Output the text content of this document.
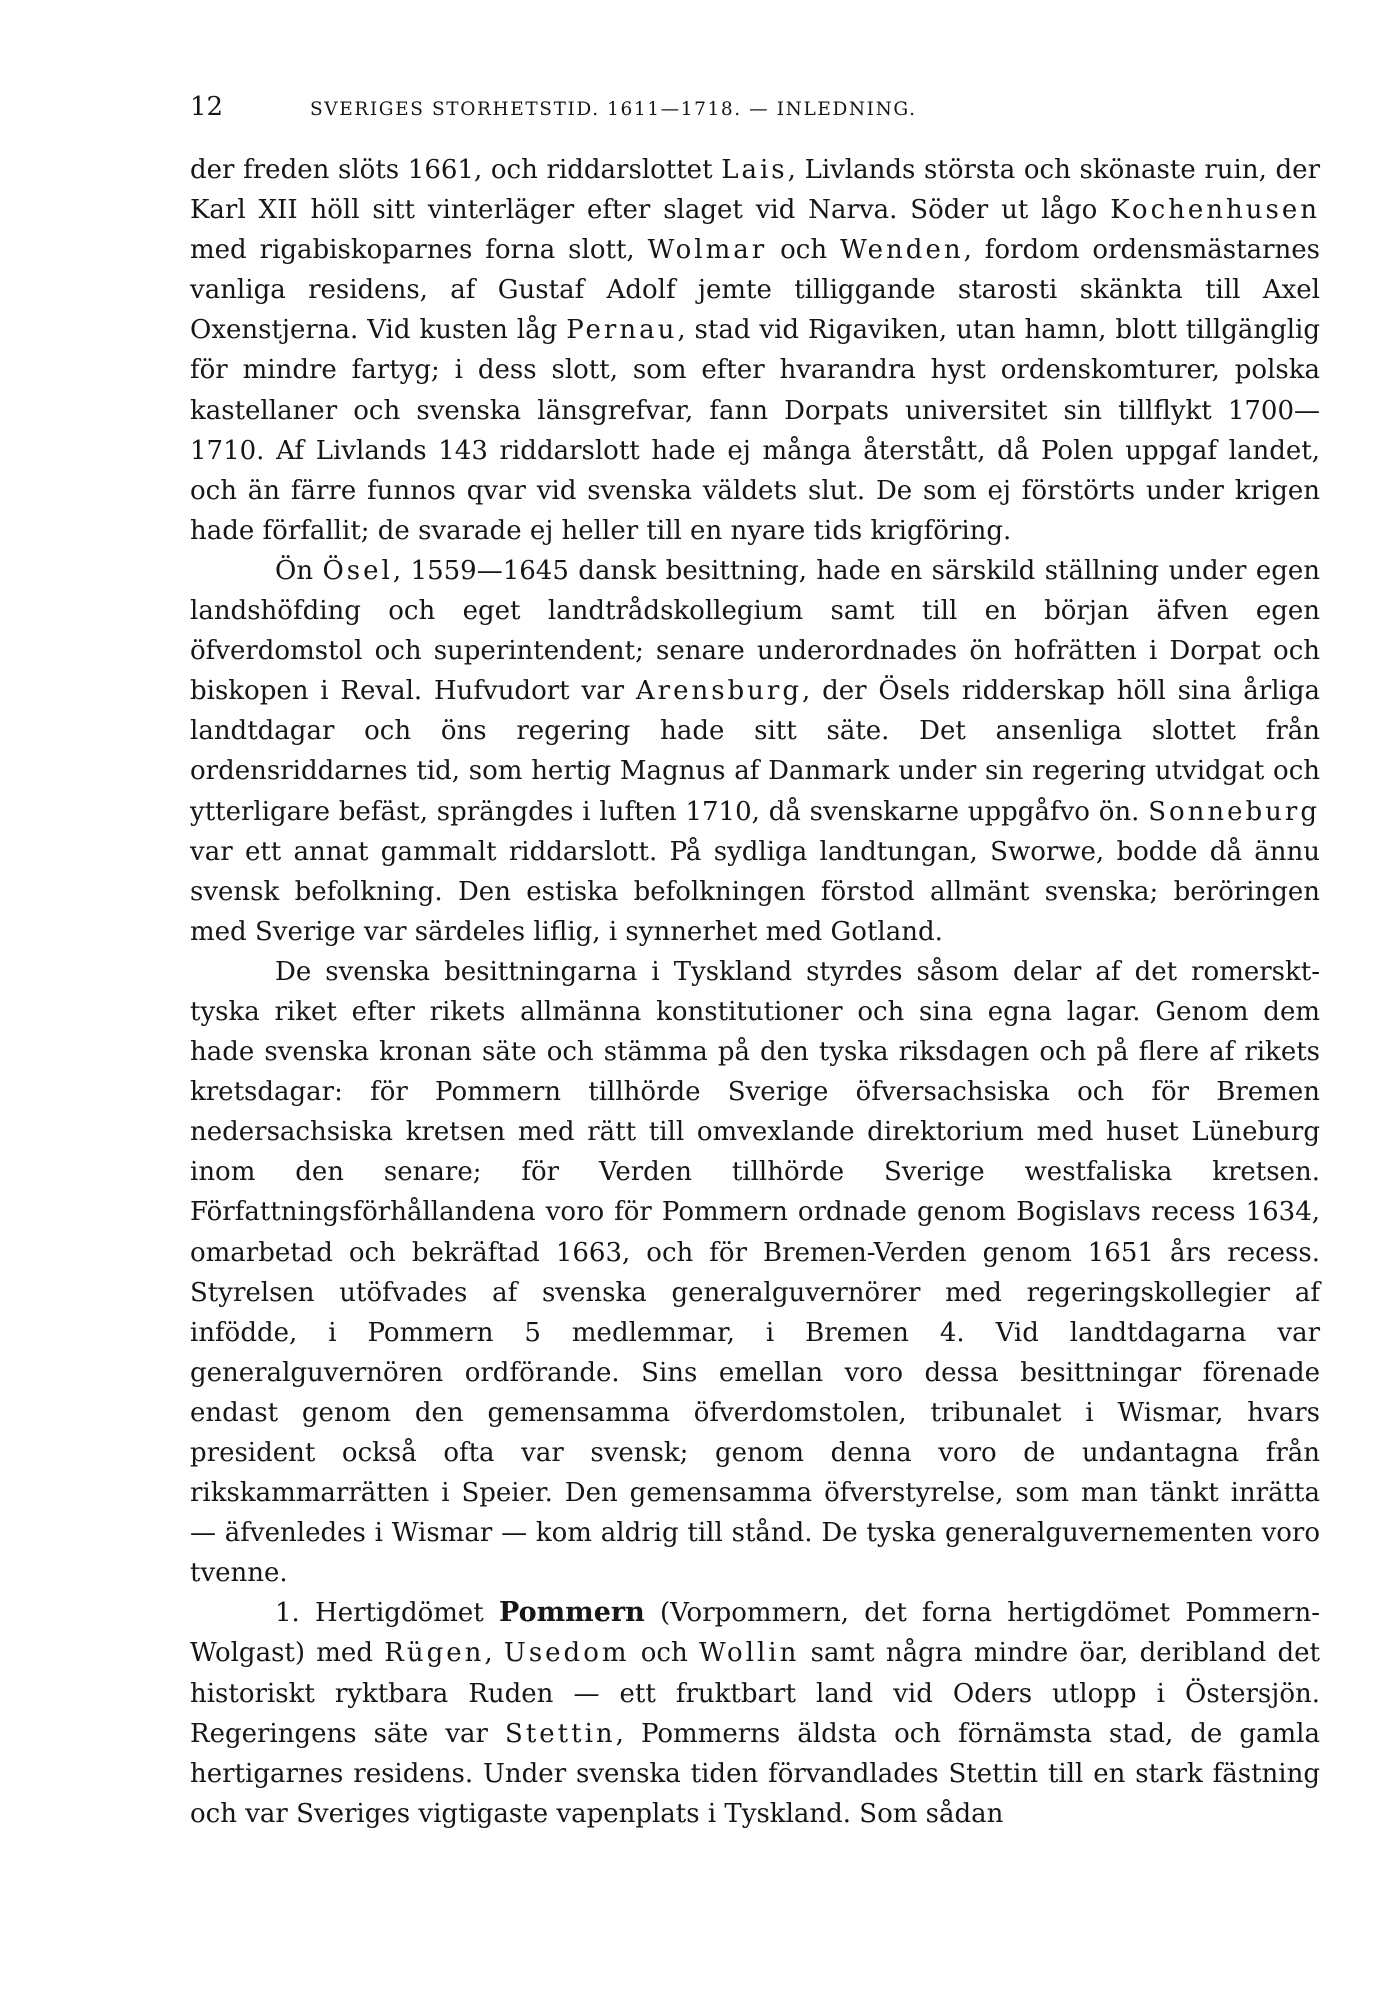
12	SVERIGES STORHETSTID. 1611—1718. — INLEDNING.

der freden slöts 1661, och riddarslottet Lais, Livlands största och skönaste ruin, der Karl XII höll sitt vinterläger efter slaget vid Narva. Söder ut lågo Kochenhusen med rigabiskoparnes forna slott, Wolmar och Wenden, fordom ordensmästarnes vanliga residens, af Gustaf Adolf jemte tilliggande starosti skänkta till Axel Oxenstjerna. Vid kusten låg Pernau, stad vid Rigaviken, utan hamn, blott tillgänglig för mindre fartyg; i dess slott, som efter hvarandra hyst ordenskomturer, polska kastellaner och svenska länsgrefvar, fann Dorpats universitet sin tillflykt 1700—1710. Af Livlands 143 riddarslott hade ej många återstått, då Polen uppgaf landet, och än färre funnos qvar vid svenska väldets slut. De som ej förstörts under krigen hade förfallit; de svarade ej heller till en nyare tids krigföring.

Ön Ösel, 1559—1645 dansk besittning, hade en särskild ställning under egen landshöfding och eget landtrådskollegium samt till en början äfven egen öfverdomstol och superintendent; senare underordnades ön hofrätten i Dorpat och biskopen i Reval. Hufvudort var Arensburg, der Ösels ridderskap höll sina årliga landtdagar och öns regering hade sitt säte. Det ansenliga slottet från ordensriddarnes tid, som hertig Magnus af Danmark under sin regering utvidgat och ytterligare befäst, sprängdes i luften 1710, då svenskarne uppgåfvo ön. Sonneburg var ett annat gammalt riddarslott. På sydliga landtungan, Sworwe, bodde då ännu svensk befolkning. Den estiska befolkningen förstod allmänt svenska; beröringen med Sverige var särdeles liflig, i synnerhet med Gotland.

De svenska besittningarna i Tyskland styrdes såsom delar af det romerskt-tyska riket efter rikets allmänna konstitutioner och sina egna lagar. Genom dem hade svenska kronan säte och stämma på den tyska riksdagen och på flere af rikets kretsdagar: för Pommern tillhörde Sverige öfversachsiska och för Bremen nedersachsiska kretsen med rätt till omvexlande direktorium med huset Lüneburg inom den senare; för Verden tillhörde Sverige westfaliska kretsen. Författningsförhållandena voro för Pommern ordnade genom Bogislavs recess 1634, omarbetad och bekräftad 1663, och för Bremen-Verden genom 1651 års recess. Styrelsen utöfvades af svenska generalguvernörer med regeringskollegier af infödde, i Pommern 5 medlemmar, i Bremen 4. Vid landtdagarna var generalguvernören ordförande. Sins emellan voro dessa besittningar förenade endast genom den gemensamma öfverdomstolen, tribunalet i Wismar, hvars president också ofta var svensk; genom denna voro de undantagna från rikskammarrätten i Speier. Den gemensamma öfverstyrelse, som man tänkt inrätta — äfvenledes i Wismar — kom aldrig till stånd. De tyska generalguvernementen voro tvenne.

1. Hertigdömet Pommern (Vorpommern, det forna hertigdömet Pommern-Wolgast) med Rügen, Usedom och Wollin samt några mindre öar, deribland det historiskt ryktbara Ruden — ett fruktbart land vid Oders utlopp i Östersjön. Regeringens säte var Stettin, Pommerns äldsta och förnämsta stad, de gamla hertigarnes residens. Under svenska tiden förvandlades Stettin till en stark fästning och var Sveriges vigtigaste vapenplats i Tyskland. Som sådan
